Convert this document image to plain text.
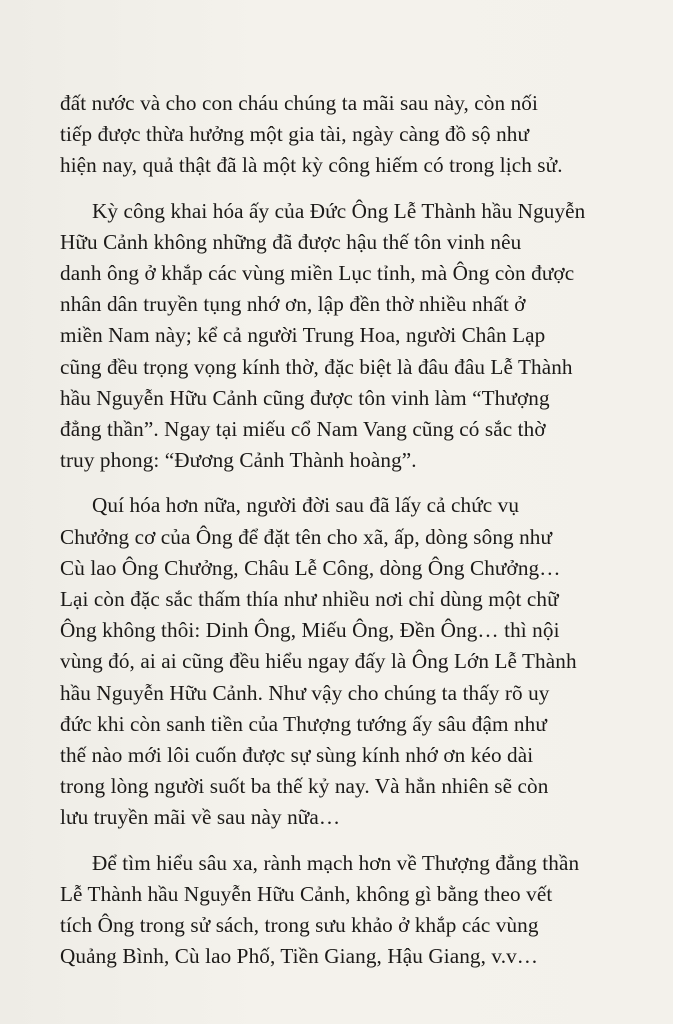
đất nước và cho con cháu chúng ta mãi sau này, còn nối
tiếp được thừa hưởng một gia tài, ngày càng đồ sộ như
hiện nay, quả thật đã là một kỳ công hiếm có trong lịch sử.
Kỳ công khai hóa ấy của Đức Ông Lễ Thành hầu Nguyễn
Hữu Cảnh không những đã được hậu thế tôn vinh nêu
danh ông ở khắp các vùng miền Lục tỉnh, mà Ông còn được
nhân dân truyền tụng nhớ ơn, lập đền thờ nhiều nhất ở
miền Nam này; kể cả người Trung Hoa, người Chân Lạp
cũng đều trọng vọng kính thờ, đặc biệt là đâu đâu Lễ Thành
hầu Nguyễn Hữu Cảnh cũng được tôn vinh làm “Thượng
đẳng thần”. Ngay tại miếu cổ Nam Vang cũng có sắc thờ
truy phong: “Đương Cảnh Thành hoàng”.
Quí hóa hơn nữa, người đời sau đã lấy cả chức vụ
Chưởng cơ của Ông để đặt tên cho xã, ấp, dòng sông như
Cù lao Ông Chưởng, Châu Lễ Công, dòng Ông Chưởng…
Lại còn đặc sắc thấm thía như nhiều nơi chỉ dùng một chữ
Ông không thôi: Dinh Ông, Miếu Ông, Đền Ông… thì nội
vùng đó, ai ai cũng đều hiểu ngay đấy là Ông Lớn Lễ Thành
hầu Nguyễn Hữu Cảnh. Như vậy cho chúng ta thấy rõ uy
đức khi còn sanh tiền của Thượng tướng ấy sâu đậm như
thế nào mới lôi cuốn được sự sùng kính nhớ ơn kéo dài
trong lòng người suốt ba thế kỷ nay. Và hẳn nhiên sẽ còn
lưu truyền mãi về sau này nữa…
Để tìm hiểu sâu xa, rành mạch hơn về Thượng đẳng thần
Lễ Thành hầu Nguyễn Hữu Cảnh, không gì bằng theo vết
tích Ông trong sử sách, trong sưu khảo ở khắp các vùng
Quảng Bình, Cù lao Phố, Tiền Giang, Hậu Giang, v.v…
